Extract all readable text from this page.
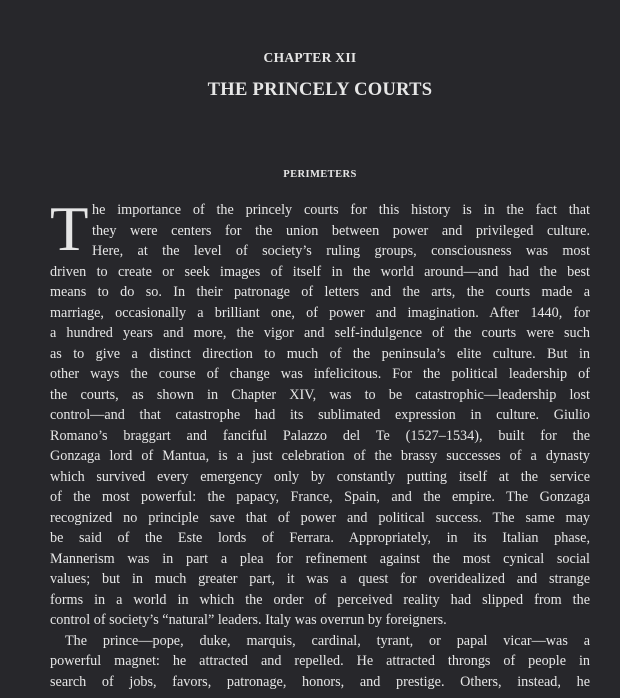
CHAPTER XII
THE PRINCELY COURTS
PERIMETERS
T he importance of the princely courts for this history is in the fact that
they were centers for the union between power and privileged culture.
Here, at the level of society’s ruling groups, consciousness was most
driven to create or seek images of itself in the world around—and had the best
means to do so. In their patronage of letters and the arts, the courts made a
marriage, occasionally a brilliant one, of power and imagination. After 1440, for
a hundred years and more, the vigor and self-indulgence of the courts were such
as to give a distinct direction to much of the peninsula’s elite culture. But in
other ways the course of change was infelicitous. For the political leadership of
the courts, as shown in Chapter XIV, was to be catastrophic—leadership lost
control—and that catastrophe had its sublimated expression in culture. Giulio
Romano’s braggart and fanciful Palazzo del Te (1527–1534), built for the
Gonzaga lord of Mantua, is a just celebration of the brassy successes of a dynasty
which survived every emergency only by constantly putting itself at the service
of the most powerful: the papacy, France, Spain, and the empire. The Gonzaga
recognized no principle save that of power and political success. The same may
be said of the Este lords of Ferrara. Appropriately, in its Italian phase,
Mannerism was in part a plea for refinement against the most cynical social
values; but in much greater part, it was a quest for overidealized and strange
forms in a world in which the order of perceived reality had slipped from the
control of society’s “natural” leaders. Italy was overrun by foreigners.
The prince—pope, duke, marquis, cardinal, tyrant, or papal vicar—was a
powerful magnet: he attracted and repelled. He attracted throngs of people in
search of jobs, favors, patronage, honors, and prestige. Others, instead, he
